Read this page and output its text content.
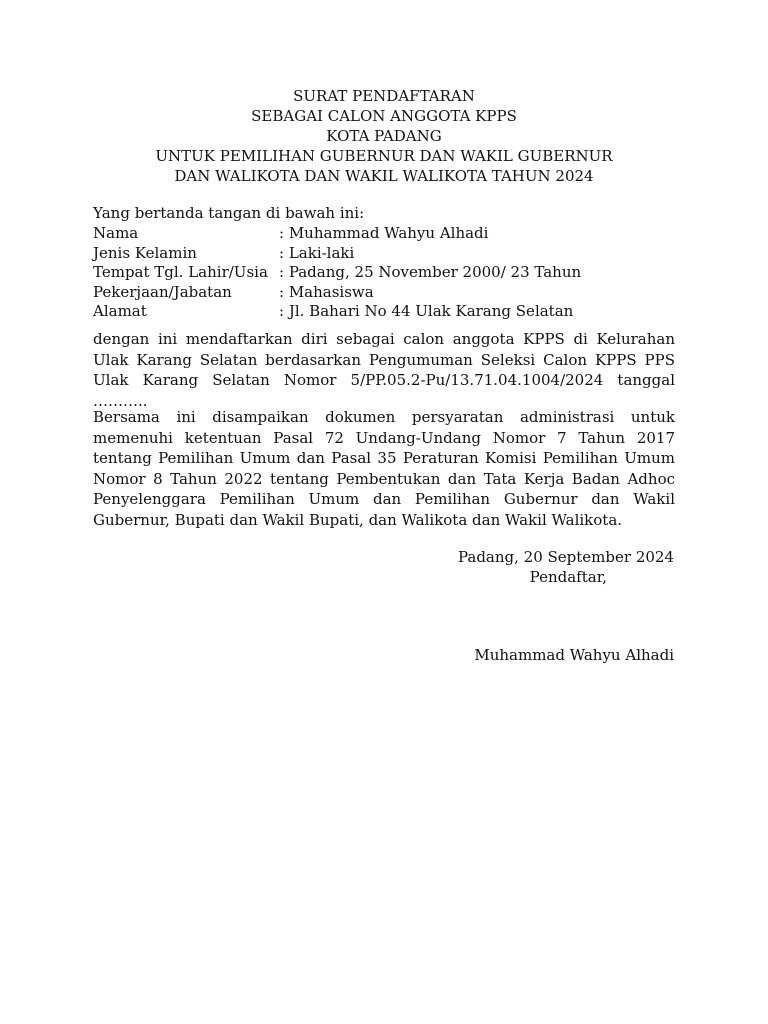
SURAT PENDAFTARAN
SEBAGAI CALON ANGGOTA KPPS
KOTA PADANG
UNTUK PEMILIHAN GUBERNUR DAN WAKIL GUBERNUR
DAN WALIKOTA DAN WAKIL WALIKOTA TAHUN 2024
Yang bertanda tangan di bawah ini:
Nama	: Muhammad Wahyu Alhadi
Jenis Kelamin	: Laki-laki
Tempat Tgl. Lahir/Usia : Padang, 25 November 2000/ 23 Tahun
Pekerjaan/Jabatan	: Mahasiswa
Alamat	: Jl. Bahari No 44 Ulak Karang Selatan
dengan ini mendaftarkan diri sebagai calon anggota KPPS di Kelurahan Ulak Karang Selatan berdasarkan Pengumuman Seleksi Calon KPPS PPS Ulak Karang Selatan Nomor 5/PP.05.2-Pu/13.71.04.1004/2024 tanggal ………..
Bersama ini disampaikan dokumen persyaratan administrasi untuk memenuhi ketentuan Pasal 72 Undang-Undang Nomor 7 Tahun 2017 tentang Pemilihan Umum dan Pasal 35 Peraturan Komisi Pemilihan Umum Nomor 8 Tahun 2022 tentang Pembentukan dan Tata Kerja Badan Adhoc Penyelenggara Pemilihan Umum dan Pemilihan Gubernur dan Wakil Gubernur, Bupati dan Wakil Bupati, dan Walikota dan Wakil Walikota.
Padang, 20 September 2024
Pendaftar,
Muhammad Wahyu Alhadi
